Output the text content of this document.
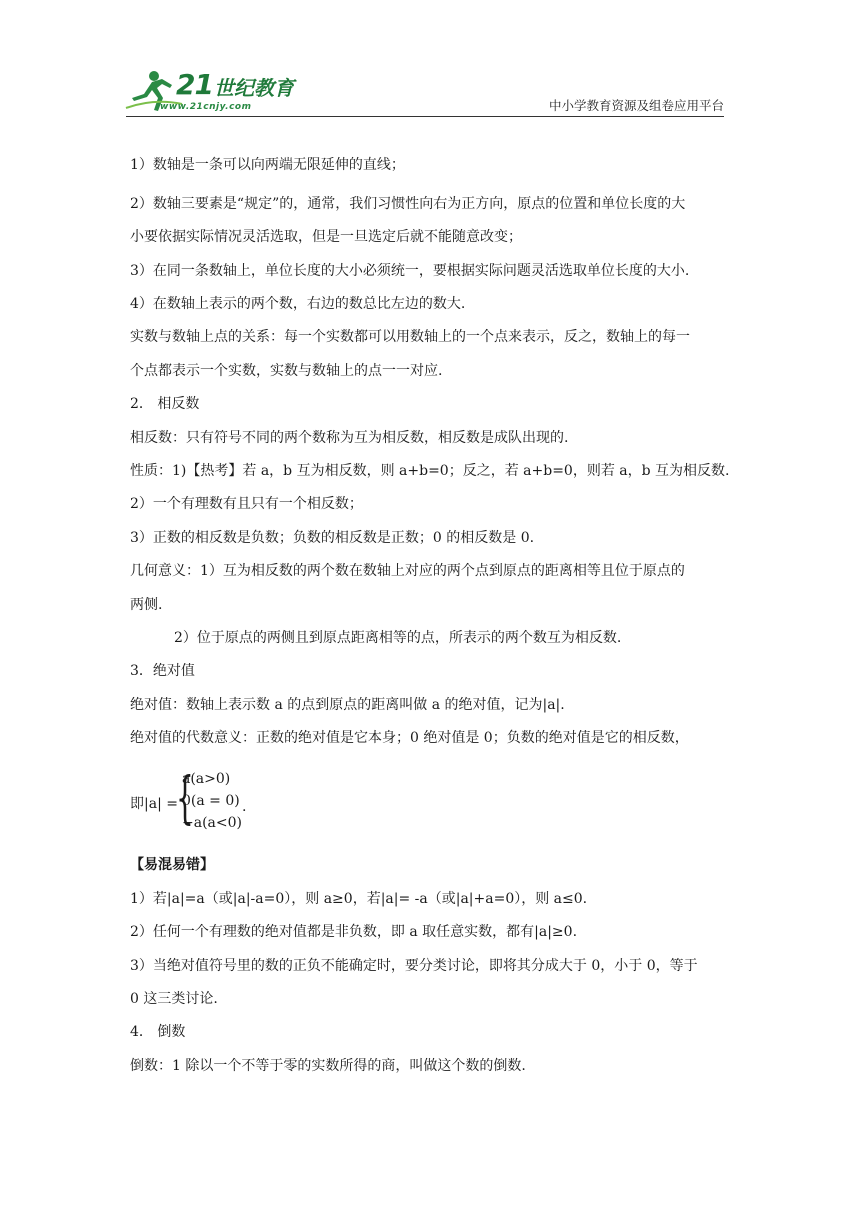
21 世纪教育
www.21cnjy.com	中小学教育资源及组卷应用平台
1）数轴是一条可以向两端无限延伸的直线；
2）数轴三要素是“规定”的，通常，我们习惯性向右为正方向，原点的位置和单位长度的大
小要依据实际情况灵活选取，但是一旦选定后就不能随意改变；
3）在同一条数轴上，单位长度的大小必须统一，要根据实际问题灵活选取单位长度的大小.
4）在数轴上表示的两个数，右边的数总比左边的数大.
实数与数轴上点的关系：每一个实数都可以用数轴上的一个点来表示，反之，数轴上的每一
个点都表示一个实数，实数与数轴上的点一一对应.
2． 相反数
相反数：只有符号不同的两个数称为互为相反数，相反数是成队出现的.
性质：1)【热考】若 a，b 互为相反数，则 a+b=0；反之，若 a+b=0，则若 a，b 互为相反数.
2）一个有理数有且只有一个相反数；
3）正数的相反数是负数；负数的相反数是正数；0 的相反数是 0.
几何意义：1）互为相反数的两个数在数轴上对应的两个点到原点的距离相等且位于原点的
两侧.
2）位于原点的两侧且到原点距离相等的点，所表示的两个数互为相反数.
3．绝对值
绝对值：数轴上表示数 a 的点到原点的距离叫做 a 的绝对值，记为|a|.
绝对值的代数意义：正数的绝对值是它本身；0 绝对值是 0；负数的绝对值是它的相反数，
即|a| =
{
a(a>0)
0(a = 0)
−a(a<0)
.
【易混易错】
1）若|a|=a（或|a|-a=0），则 a≥0，若|a|= -a（或|a|+a=0），则 a≤0.
2）任何一个有理数的绝对值都是非负数，即 a 取任意实数，都有|a|≥0.
3）当绝对值符号里的数的正负不能确定时，要分类讨论，即将其分成大于 0，小于 0，等于
0 这三类讨论.
4． 倒数
倒数：1 除以一个不等于零的实数所得的商，叫做这个数的倒数.
